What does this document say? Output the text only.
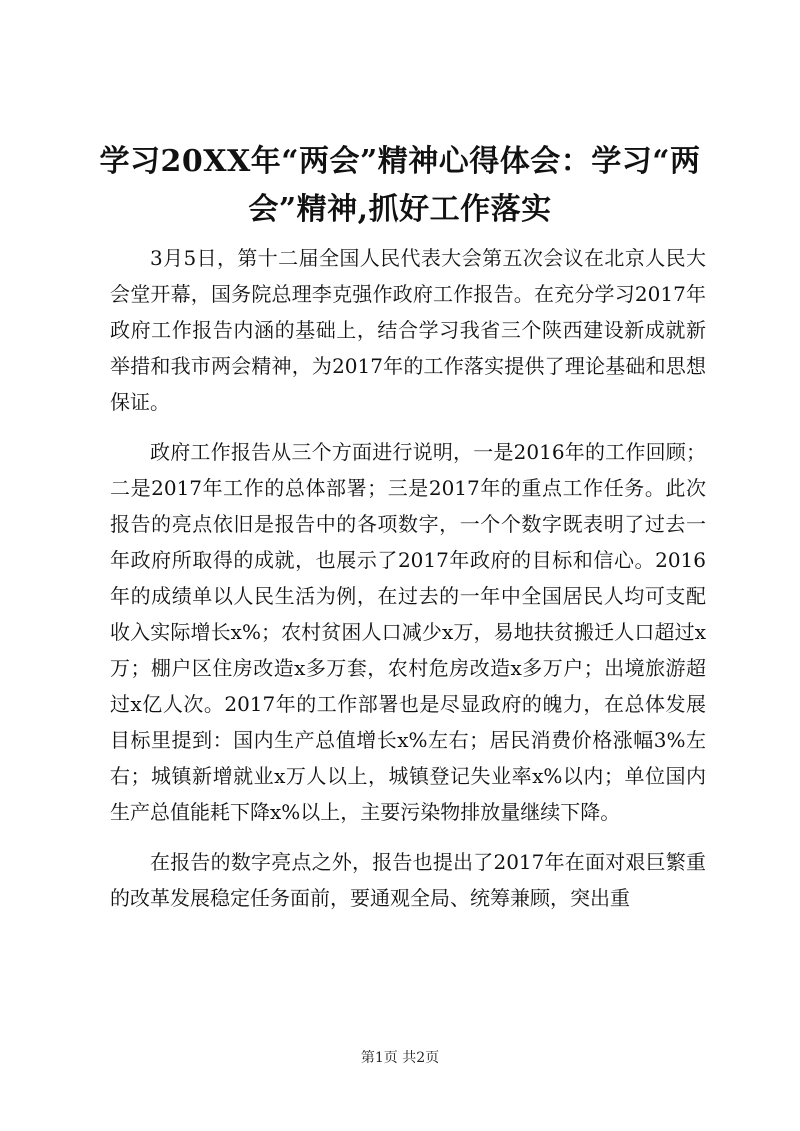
学习20XX年“两会”精神心得体会：学习“两会”精神,抓好工作落实

3月5日，第十二届全国人民代表大会第五次会议在北京人民大会堂开幕，国务院总理李克强作政府工作报告。在充分学习2017年政府工作报告内涵的基础上，结合学习我省三个陕西建设新成就新举措和我市两会精神，为2017年的工作落实提供了理论基础和思想保证。

政府工作报告从三个方面进行说明，一是2016年的工作回顾；二是2017年工作的总体部署；三是2017年的重点工作任务。此次报告的亮点依旧是报告中的各项数字，一个个数字既表明了过去一年政府所取得的成就，也展示了2017年政府的目标和信心。2016年的成绩单以人民生活为例，在过去的一年中全国居民人均可支配收入实际增长x%；农村贫困人口减少x万，易地扶贫搬迁人口超过x万；棚户区住房改造x多万套，农村危房改造x多万户；出境旅游超过x亿人次。2017年的工作部署也是尽显政府的魄力，在总体发展目标里提到：国内生产总值增长x%左右；居民消费价格涨幅3%左右；城镇新增就业x万人以上，城镇登记失业率x%以内；单位国内生产总值能耗下降x%以上，主要污染物排放量继续下降。

在报告的数字亮点之外，报告也提出了2017年在面对艰巨繁重的改革发展稳定任务面前，要通观全局、统筹兼顾，突出重

第1页 共2页
